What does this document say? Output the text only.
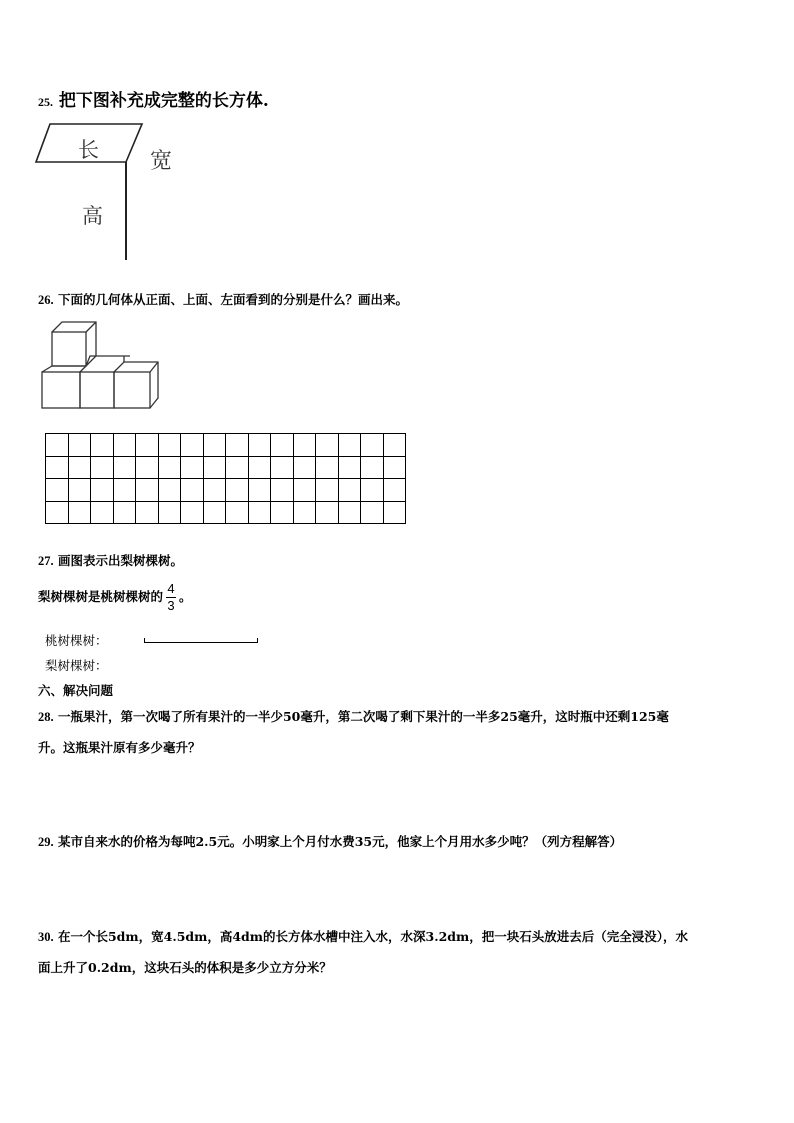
25. 把下图补充成完整的长方体.
长 宽
高
26. 下面的几何体从正面、上面、左面看到的分别是什么？画出来。

27. 画图表示出梨树棵树。
梨树棵树是桃树棵树的 $\frac{4}{3}$ 。
桃树棵树：
梨树棵树：
六、解决问题
28. 一瓶果汁，第一次喝了所有果汁的一半少50毫升，第二次喝了剩下果汁的一半多25毫升，这时瓶中还剩125毫
升。这瓶果汁原有多少毫升？
29. 某市自来水的价格为每吨2.5元。小明家上个月付水费35元，他家上个月用水多少吨？（列方程解答）
30. 在一个长5dm，宽4.5dm，高4dm的长方体水槽中注入水，水深3.2dm，把一块石头放进去后（完全浸没），水
面上升了0.2dm，这块石头的体积是多少立方分米？
